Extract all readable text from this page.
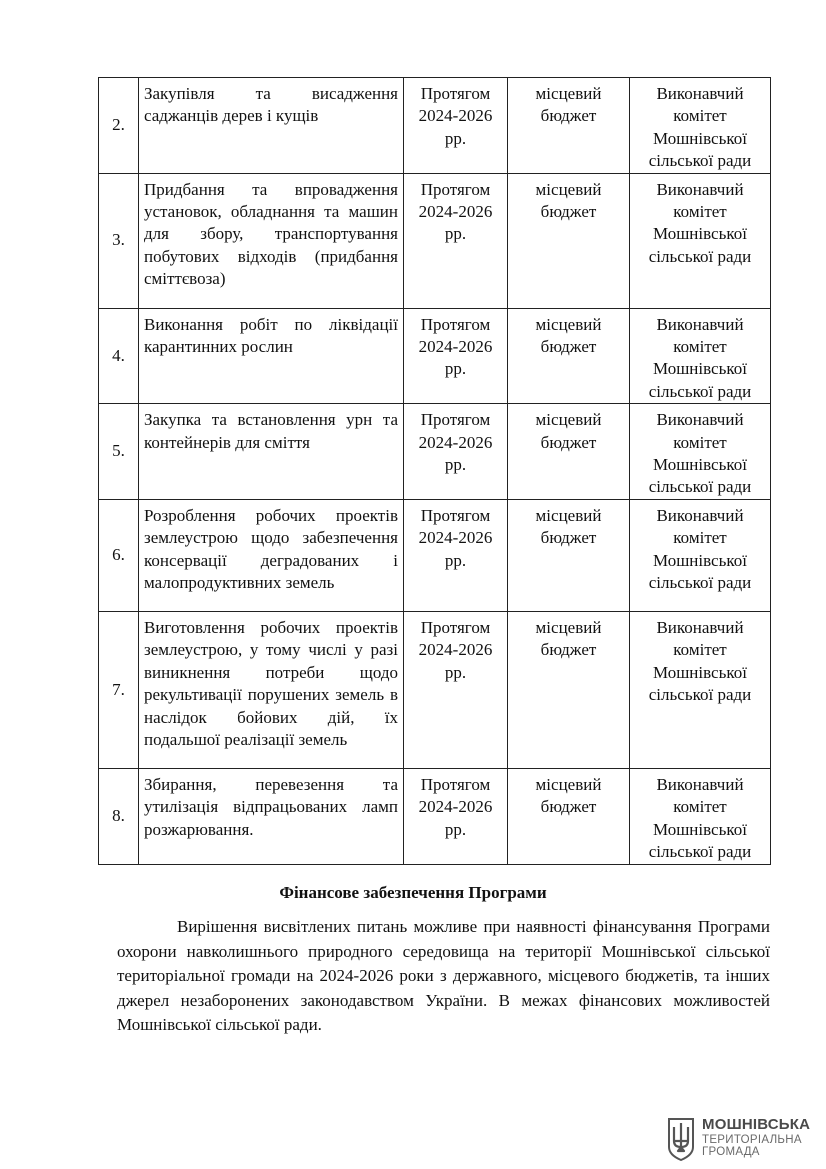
2.	Закупівля та висадження саджанців дерев і кущів	Протягом 2024-2026 рр.	місцевий бюджет	Виконавчий комітет Мошнівської сільської ради
3.	Придбання та впровадження установок, обладнання та машин для збору, транспортування побутових відходів (придбання сміттєвоза)	Протягом 2024-2026 рр.	місцевий бюджет	Виконавчий комітет Мошнівської сільської ради
4.	Виконання робіт по ліквідації карантинних рослин	Протягом 2024-2026 рр.	місцевий бюджет	Виконавчий комітет Мошнівської сільської ради
5.	Закупка та встановлення урн та контейнерів для сміття	Протягом 2024-2026 рр.	місцевий бюджет	Виконавчий комітет Мошнівської сільської ради
6.	Розроблення робочих проектів землеустрою щодо забезпечення консервації деградованих і малопродуктивних земель	Протягом 2024-2026 рр.	місцевий бюджет	Виконавчий комітет Мошнівської сільської ради
7.	Виготовлення робочих проектів землеустрою, у тому числі у разі виникнення потреби щодо рекультивації порушених земель в наслідок бойових дій, їх подальшої реалізації земель	Протягом 2024-2026 рр.	місцевий бюджет	Виконавчий комітет Мошнівської сільської ради
8.	Збирання, перевезення та утилізація відпрацьованих ламп розжарювання.	Протягом 2024-2026 рр.	місцевий бюджет	Виконавчий комітет Мошнівської сільської ради
Фінансове забезпечення Програми

Вирішення висвітлених питань можливе при наявності фінансування Програми охорони навколишнього природного середовища на території Мошнівської сільської територіальної громади на 2024-2026 роки з державного, місцевого бюджетів, та інших джерел незаборонених законодавством України. В межах фінансових можливостей Мошнівської сільської ради.

МОШНІВСЬКА
ТЕРИТОРІАЛЬНА
ГРОМАДА
